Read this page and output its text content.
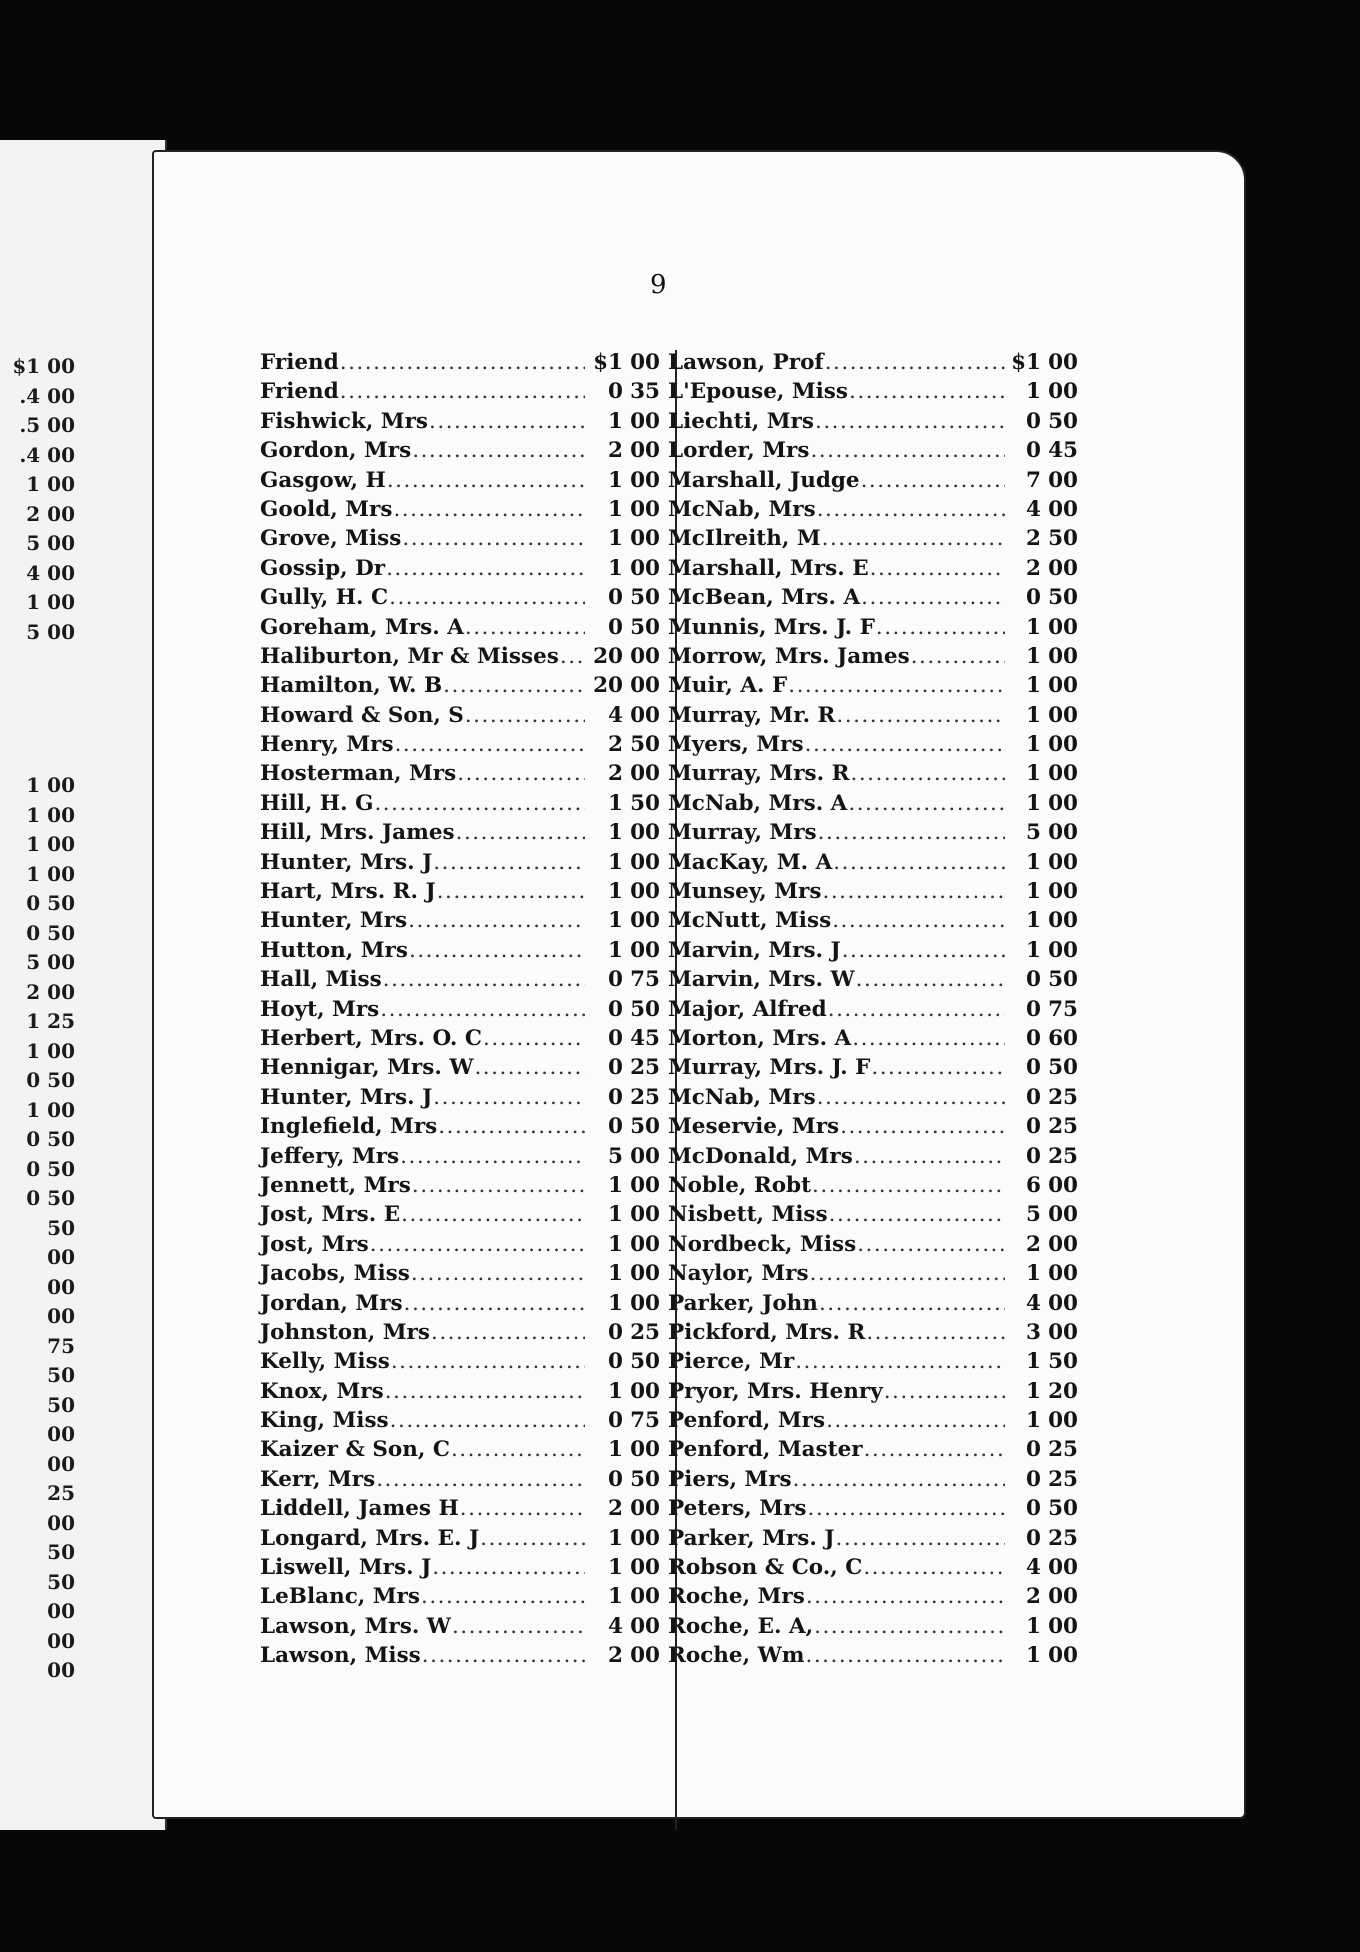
$1 00
.4 00
.5 00
.4 00
1 00
2 00
5 00
4 00
1 00
5 00
1 00
1 00
1 00
1 00
0 50
0 50
5 00
2 00
1 25
1 00
0 50
1 00
0 50
0 50
0 50
50
00
00
00
75
50
50
00
00
25
00
50
50
00
00
00
9
Friend .....	$1 00
Friend .....	0 35
Fishwick, Mrs .....	1 00
Gordon, Mrs .....	2 00
Gasgow, H .....	1 00
Goold, Mrs .....	1 00
Grove, Miss .....	1 00
Gossip, Dr .....	1 00
Gully, H. C .....	0 50
Goreham, Mrs. A .....	0 50
Haliburton, Mr & Misses .....	20 00
Hamilton, W. B .....	20 00
Howard & Son, S .....	4 00
Henry, Mrs .....	2 50
Hosterman, Mrs .....	2 00
Hill, H. G .....	1 50
Hill, Mrs. James .....	1 00
Hunter, Mrs. J .....	1 00
Hart, Mrs. R. J .....	1 00
Hunter, Mrs .....	1 00
Hutton, Mrs .....	1 00
Hall, Miss .....	0 75
Hoyt, Mrs .....	0 50
Herbert, Mrs. O. C .....	0 45
Hennigar, Mrs. W .....	0 25
Hunter, Mrs. J .....	0 25
Inglefield, Mrs .....	0 50
Jeffery, Mrs .....	5 00
Jennett, Mrs .....	1 00
Jost, Mrs. E .....	1 00
Jost, Mrs .....	1 00
Jacobs, Miss .....	1 00
Jordan, Mrs .....	1 00
Johnston, Mrs .....	0 25
Kelly, Miss .....	0 50
Knox, Mrs .....	1 00
King, Miss .....	0 75
Kaizer & Son, C .....	1 00
Kerr, Mrs .....	0 50
Liddell, James H .....	2 00
Longard, Mrs. E. J .....	1 00
Liswell, Mrs. J .....	1 00
LeBlanc, Mrs .....	1 00
Lawson, Mrs. W .....	4 00
Lawson, Miss .....	2 00
Lawson, Prof .....	$1 00
L'Epouse, Miss .....	1 00
Liechti, Mrs .....	0 50
Lorder, Mrs .....	0 45
Marshall, Judge .....	7 00
McNab, Mrs .....	4 00
McIlreith, M .....	2 50
Marshall, Mrs. E .....	2 00
McBean, Mrs. A .....	0 50
Munnis, Mrs. J. F .....	1 00
Morrow, Mrs. James .....	1 00
Muir, A. F .....	1 00
Murray, Mr. R .....	1 00
Myers, Mrs .....	1 00
Murray, Mrs. R .....	1 00
McNab, Mrs. A .....	1 00
Murray, Mrs .....	5 00
MacKay, M. A .....	1 00
Munsey, Mrs .....	1 00
McNutt, Miss .....	1 00
Marvin, Mrs. J .....	1 00
Marvin, Mrs. W .....	0 50
Major, Alfred .....	0 75
Morton, Mrs. A .....	0 60
Murray, Mrs. J. F .....	0 50
McNab, Mrs .....	0 25
Meservie, Mrs .....	0 25
McDonald, Mrs .....	0 25
Noble, Robt .....	6 00
Nisbett, Miss .....	5 00
Nordbeck, Miss .....	2 00
Naylor, Mrs .....	1 00
Parker, John .....	4 00
Pickford, Mrs. R .....	3 00
Pierce, Mr .....	1 50
Pryor, Mrs. Henry .....	1 20
Penford, Mrs .....	1 00
Penford, Master .....	0 25
Piers, Mrs .....	0 25
Peters, Mrs .....	0 50
Parker, Mrs. J .....	0 25
Robson & Co., C .....	4 00
Roche, Mrs .....	2 00
Roche, E. A, .....	1 00
Roche, Wm .....	1 00
